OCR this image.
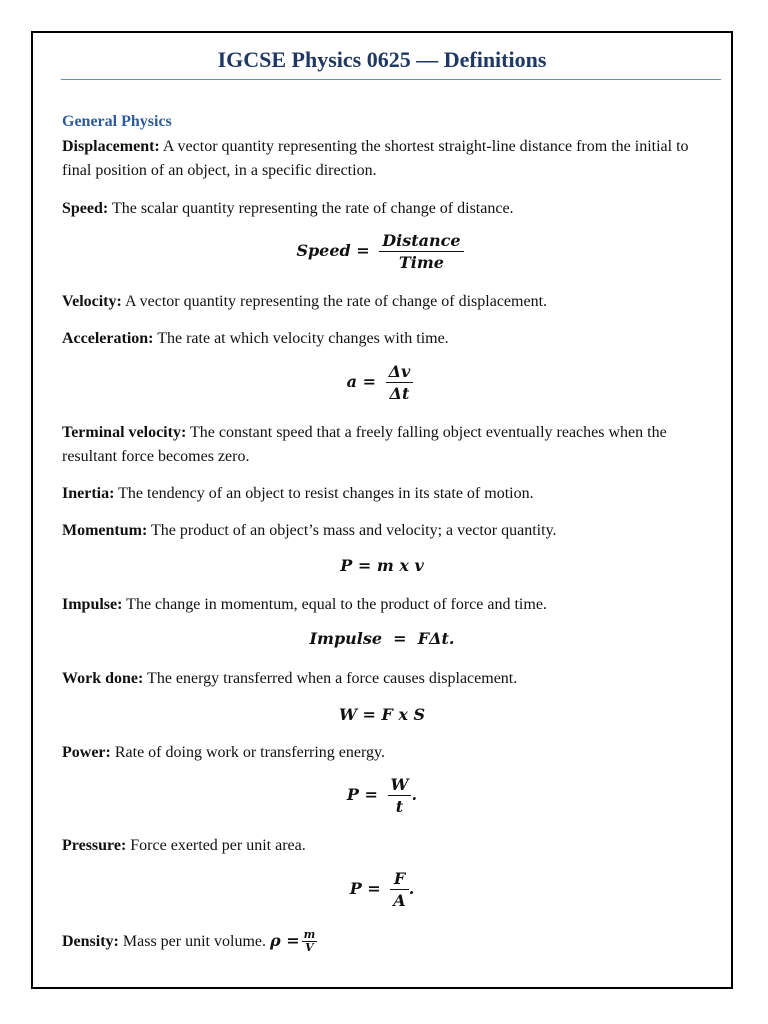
IGCSE Physics 0625 — Definitions
General Physics
Displacement: A vector quantity representing the shortest straight-line distance from the initial to final position of an object, in a specific direction.
Speed: The scalar quantity representing the rate of change of distance.
Speed = $\frac{\text{Distance}}{\text{Time}}$
Velocity: A vector quantity representing the rate of change of displacement.
Acceleration: The rate at which velocity changes with time.
$a = \frac{\Delta v}{\Delta t}$
Terminal velocity: The constant speed that a freely falling object eventually reaches when the resultant force becomes zero.
Inertia: The tendency of an object to resist changes in its state of motion.
Momentum: The product of an object’s mass and velocity; a vector quantity.
P = m x v
Impulse: The change in momentum, equal to the product of force and time.
Impulse  =  FΔt.
Work done: The energy transferred when a force causes displacement.
W = F x S
Power: Rate of doing work or transferring energy.
$P = \frac{W}{t}$ .
Pressure: Force exerted per unit area.
$P = \frac{F}{A}$ .
Density: Mass per unit volume. $\rho = \frac{m}{V}$
